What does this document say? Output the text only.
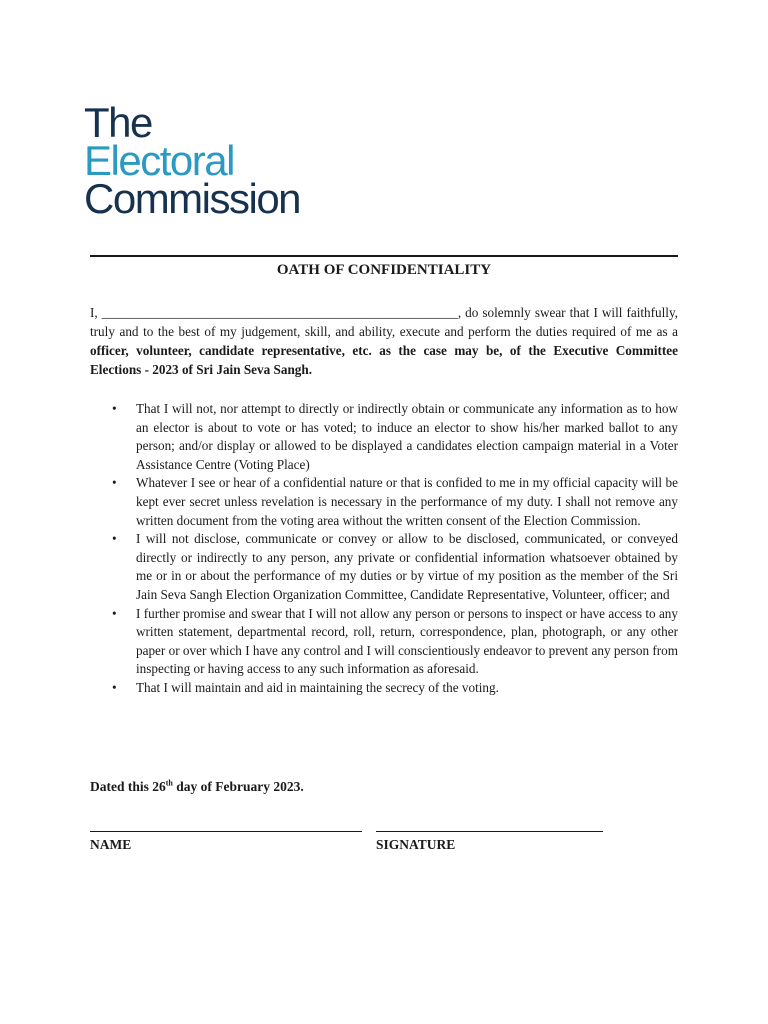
The
Electoral
Commission
OATH OF CONFIDENTIALITY
I, ______________________________________________________, do solemnly swear that I will faithfully, truly and to the best of my judgement, skill, and ability, execute and perform the duties required of me as a officer, volunteer, candidate representative, etc. as the case may be, of the Executive Committee Elections - 2023 of Sri Jain Seva Sangh.
• That I will not, nor attempt to directly or indirectly obtain or communicate any information as to how an elector is about to vote or has voted; to induce an elector to show his/her marked ballot to any person; and/or display or allowed to be displayed a candidates election campaign material in a Voter Assistance Centre (Voting Place)
• Whatever I see or hear of a confidential nature or that is confided to me in my official capacity will be kept ever secret unless revelation is necessary in the performance of my duty. I shall not remove any written document from the voting area without the written consent of the Election Commission.
• I will not disclose, communicate or convey or allow to be disclosed, communicated, or conveyed directly or indirectly to any person, any private or confidential information whatsoever obtained by me or in or about the performance of my duties or by virtue of my position as the member of the Sri Jain Seva Sangh Election Organization Committee, Candidate Representative, Volunteer, officer; and
• I further promise and swear that I will not allow any person or persons to inspect or have access to any written statement, departmental record, roll, return, correspondence, plan, photograph, or any other paper or over which I have any control and I will conscientiously endeavor to prevent any person from inspecting or having access to any such information as aforesaid.
• That I will maintain and aid in maintaining the secrecy of the voting.
Dated this 26th day of February 2023.
NAME	SIGNATURE
